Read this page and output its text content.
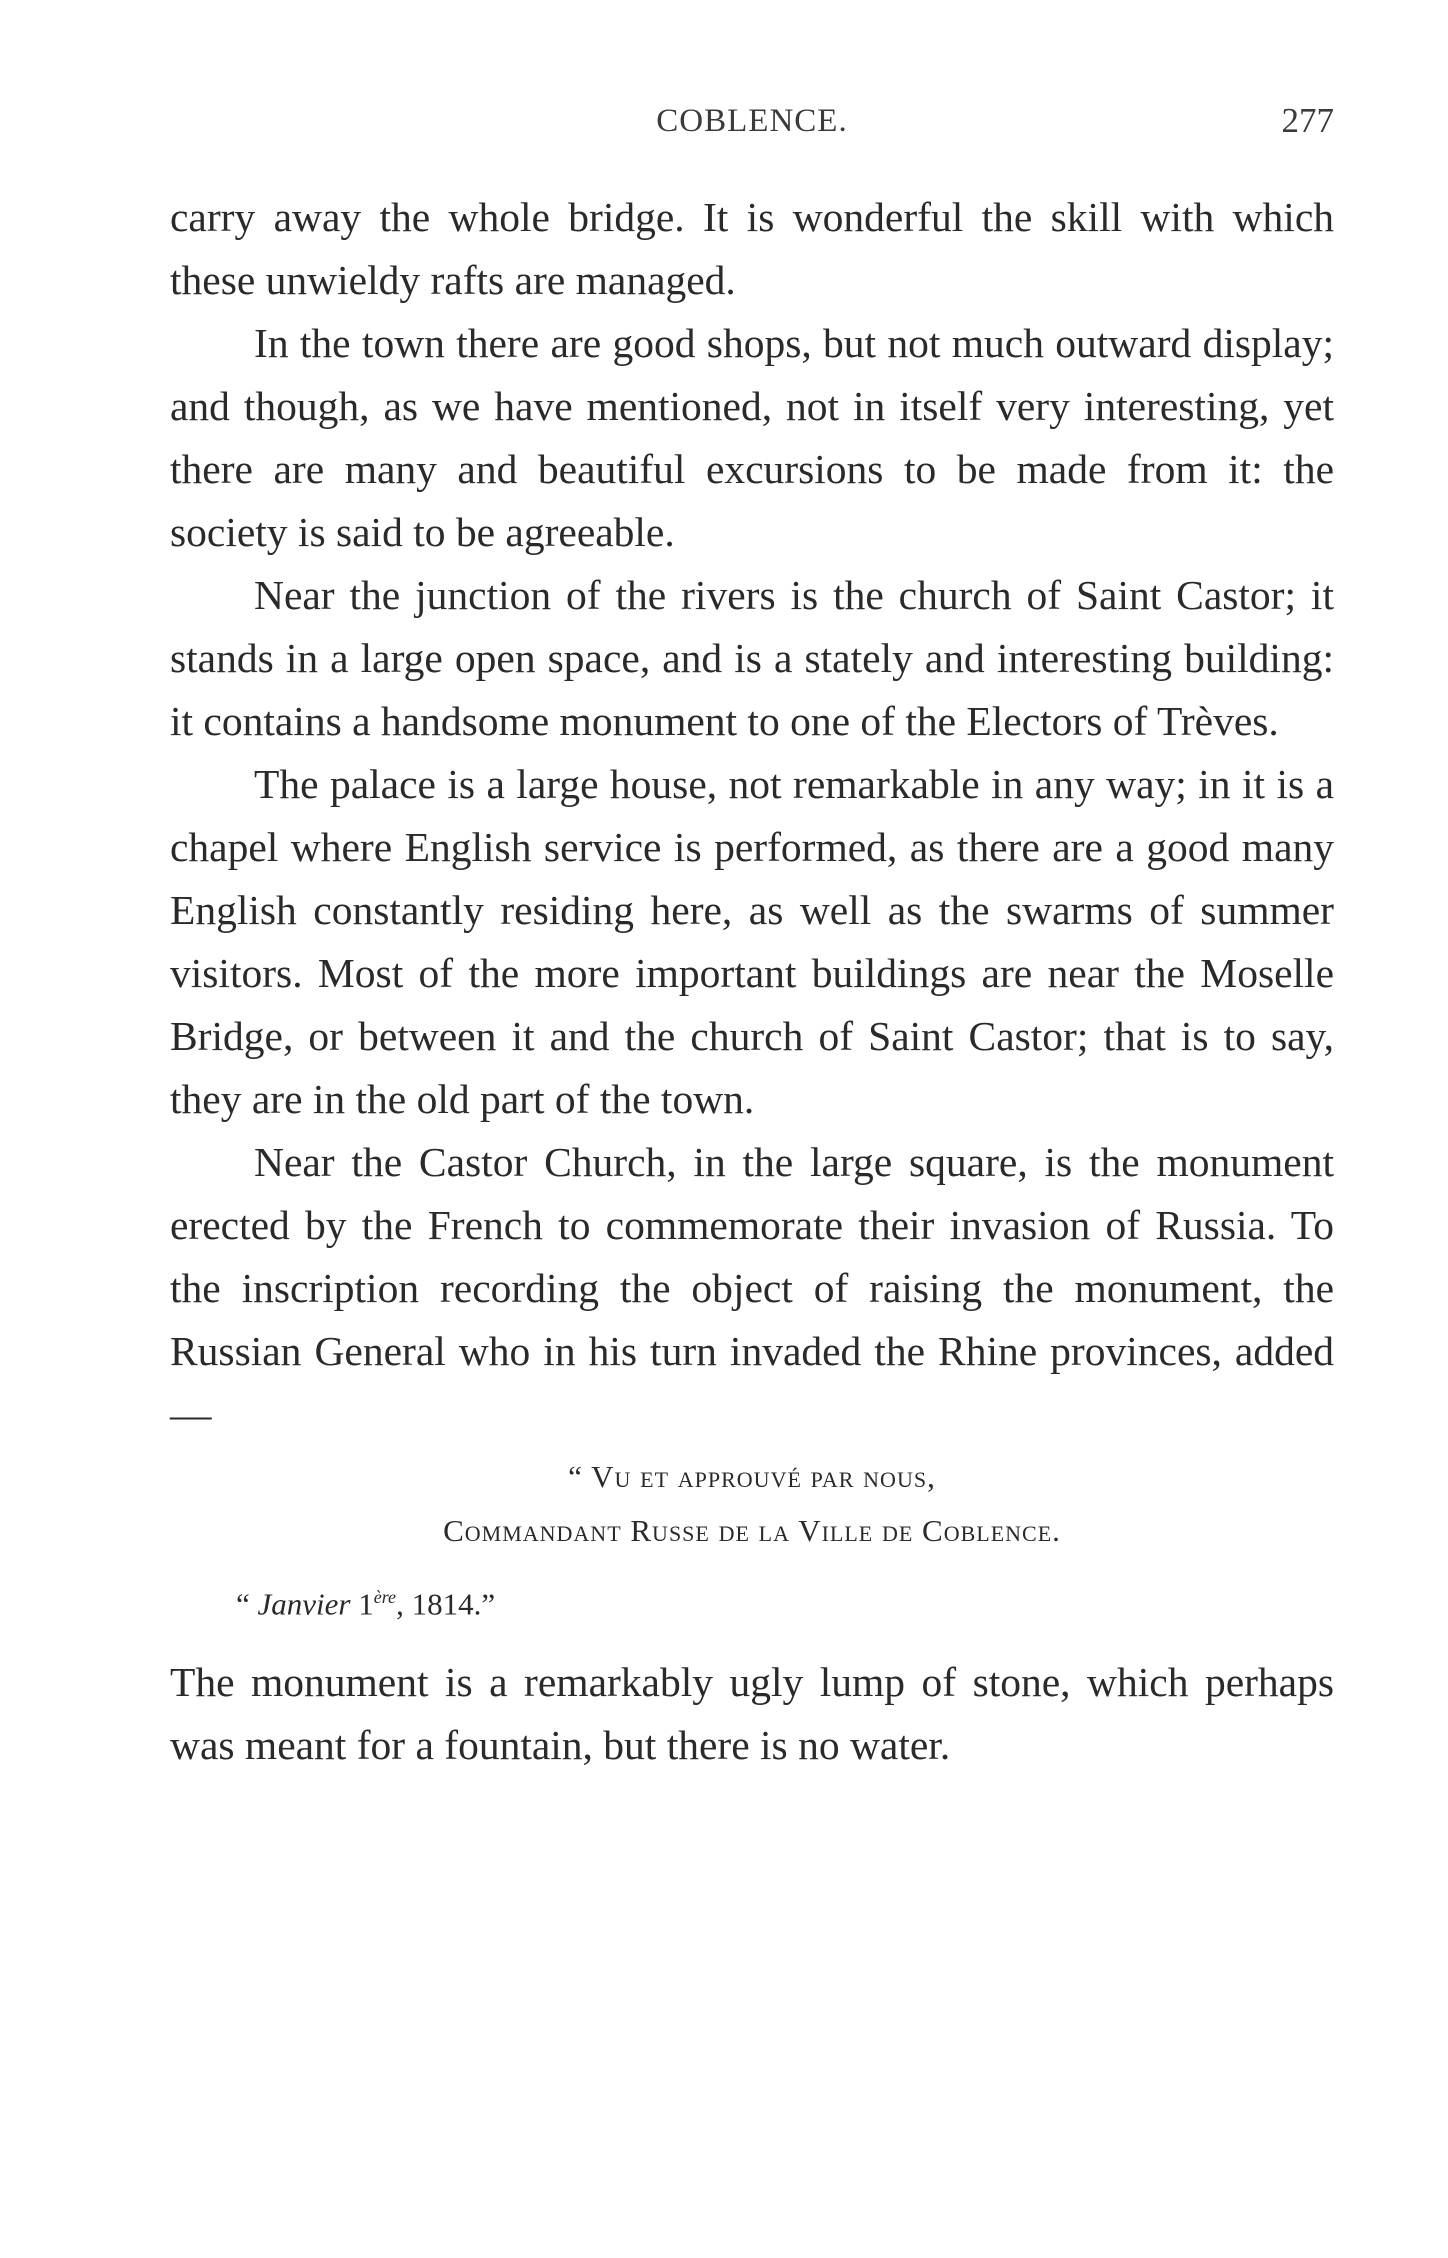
COBLENCE.	277

carry away the whole bridge. It is wonderful the skill with which these unwieldy rafts are managed.

In the town there are good shops, but not much outward display; and though, as we have mentioned, not in itself very interesting, yet there are many and beautiful excursions to be made from it: the society is said to be agreeable.

Near the junction of the rivers is the church of Saint Castor; it stands in a large open space, and is a stately and interesting building: it contains a handsome monument to one of the Electors of Trèves.

The palace is a large house, not remarkable in any way; in it is a chapel where English service is performed, as there are a good many English constantly residing here, as well as the swarms of summer visitors. Most of the more important buildings are near the Moselle Bridge, or between it and the church of Saint Castor; that is to say, they are in the old part of the town.

Near the Castor Church, in the large square, is the monument erected by the French to commemorate their invasion of Russia. To the inscription recording the object of raising the monument, the Russian General who in his turn invaded the Rhine provinces, added—

“ Vu et approuvé par nous,

Commandant Russe de la Ville de Coblence.

“ Janvier 1ère, 1814.”

The monument is a remarkably ugly lump of stone, which perhaps was meant for a fountain, but there is no water.
